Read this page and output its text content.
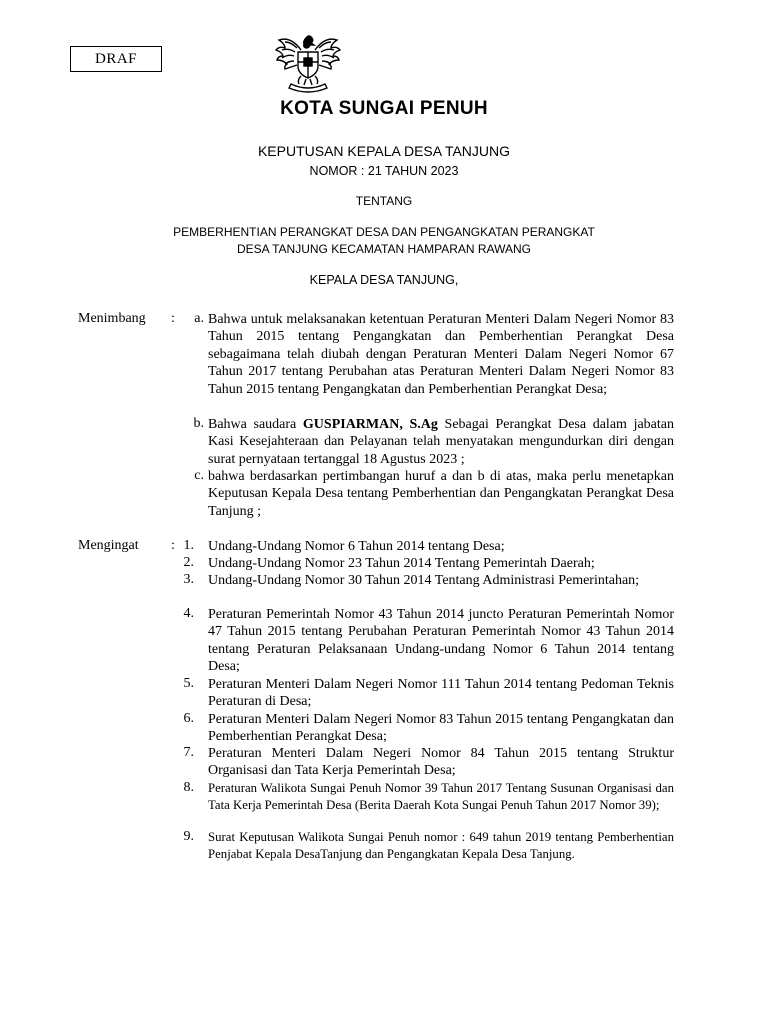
DRAF
KOTA SUNGAI PENUH
KEPUTUSAN KEPALA DESA TANJUNG
NOMOR : 21 TAHUN 2023
TENTANG
PEMBERHENTIAN PERANGKAT DESA DAN PENGANGKATAN PERANGKAT
DESA TANJUNG KECAMATAN HAMPARAN RAWANG
KEPALA DESA TANJUNG,
Menimbang :	a. Bahwa untuk melaksanakan ketentuan Peraturan Menteri Dalam Negeri Nomor 83 Tahun 2015 tentang Pengangkatan dan Pemberhentian Perangkat Desa sebagaimana telah diubah dengan Peraturan Menteri Dalam Negeri Nomor 67 Tahun 2017 tentang Perubahan atas Peraturan Menteri Dalam Negeri Nomor 83 Tahun 2015 tentang Pengangkatan dan Pemberhentian Perangkat Desa;
b. Bahwa saudara GUSPIARMAN, S.Ag Sebagai Perangkat Desa dalam jabatan Kasi Kesejahteraan dan Pelayanan telah menyatakan mengundurkan diri dengan surat pernyataan tertanggal 18 Agustus 2023 ;
c. bahwa berdasarkan pertimbangan huruf a dan b di atas, maka perlu menetapkan Keputusan Kepala Desa tentang Pemberhentian dan Pengangkatan Perangkat Desa Tanjung ;
Mengingat : 1. Undang-Undang Nomor 6 Tahun 2014 tentang Desa;
2. Undang-Undang Nomor 23 Tahun 2014 Tentang Pemerintah Daerah;
3. Undang-Undang Nomor 30 Tahun 2014 Tentang Administrasi Pemerintahan;
4. Peraturan Pemerintah Nomor 43 Tahun 2014 juncto Peraturan Pemerintah Nomor 47 Tahun 2015 tentang Perubahan Peraturan Pemerintah Nomor 43 Tahun 2014 tentang Peraturan Pelaksanaan Undang-undang Nomor 6 Tahun 2014 tentang Desa;
5. Peraturan Menteri Dalam Negeri Nomor 111 Tahun 2014 tentang Pedoman Teknis Peraturan di Desa;
6. Peraturan Menteri Dalam Negeri Nomor 83 Tahun 2015 tentang Pengangkatan dan Pemberhentian Perangkat Desa;
7. Peraturan Menteri Dalam Negeri Nomor 84 Tahun 2015 tentang Struktur Organisasi dan Tata Kerja Pemerintah Desa;
8. Peraturan Walikota Sungai Penuh Nomor 39 Tahun 2017 Tentang Susunan Organisasi dan Tata Kerja Pemerintah Desa (Berita Daerah Kota Sungai Penuh Tahun 2017 Nomor 39);
9. Surat Keputusan Walikota Sungai Penuh nomor : 649 tahun 2019 tentang Pemberhentian Penjabat Kepala DesaTanjung dan Pengangkatan Kepala Desa Tanjung.
